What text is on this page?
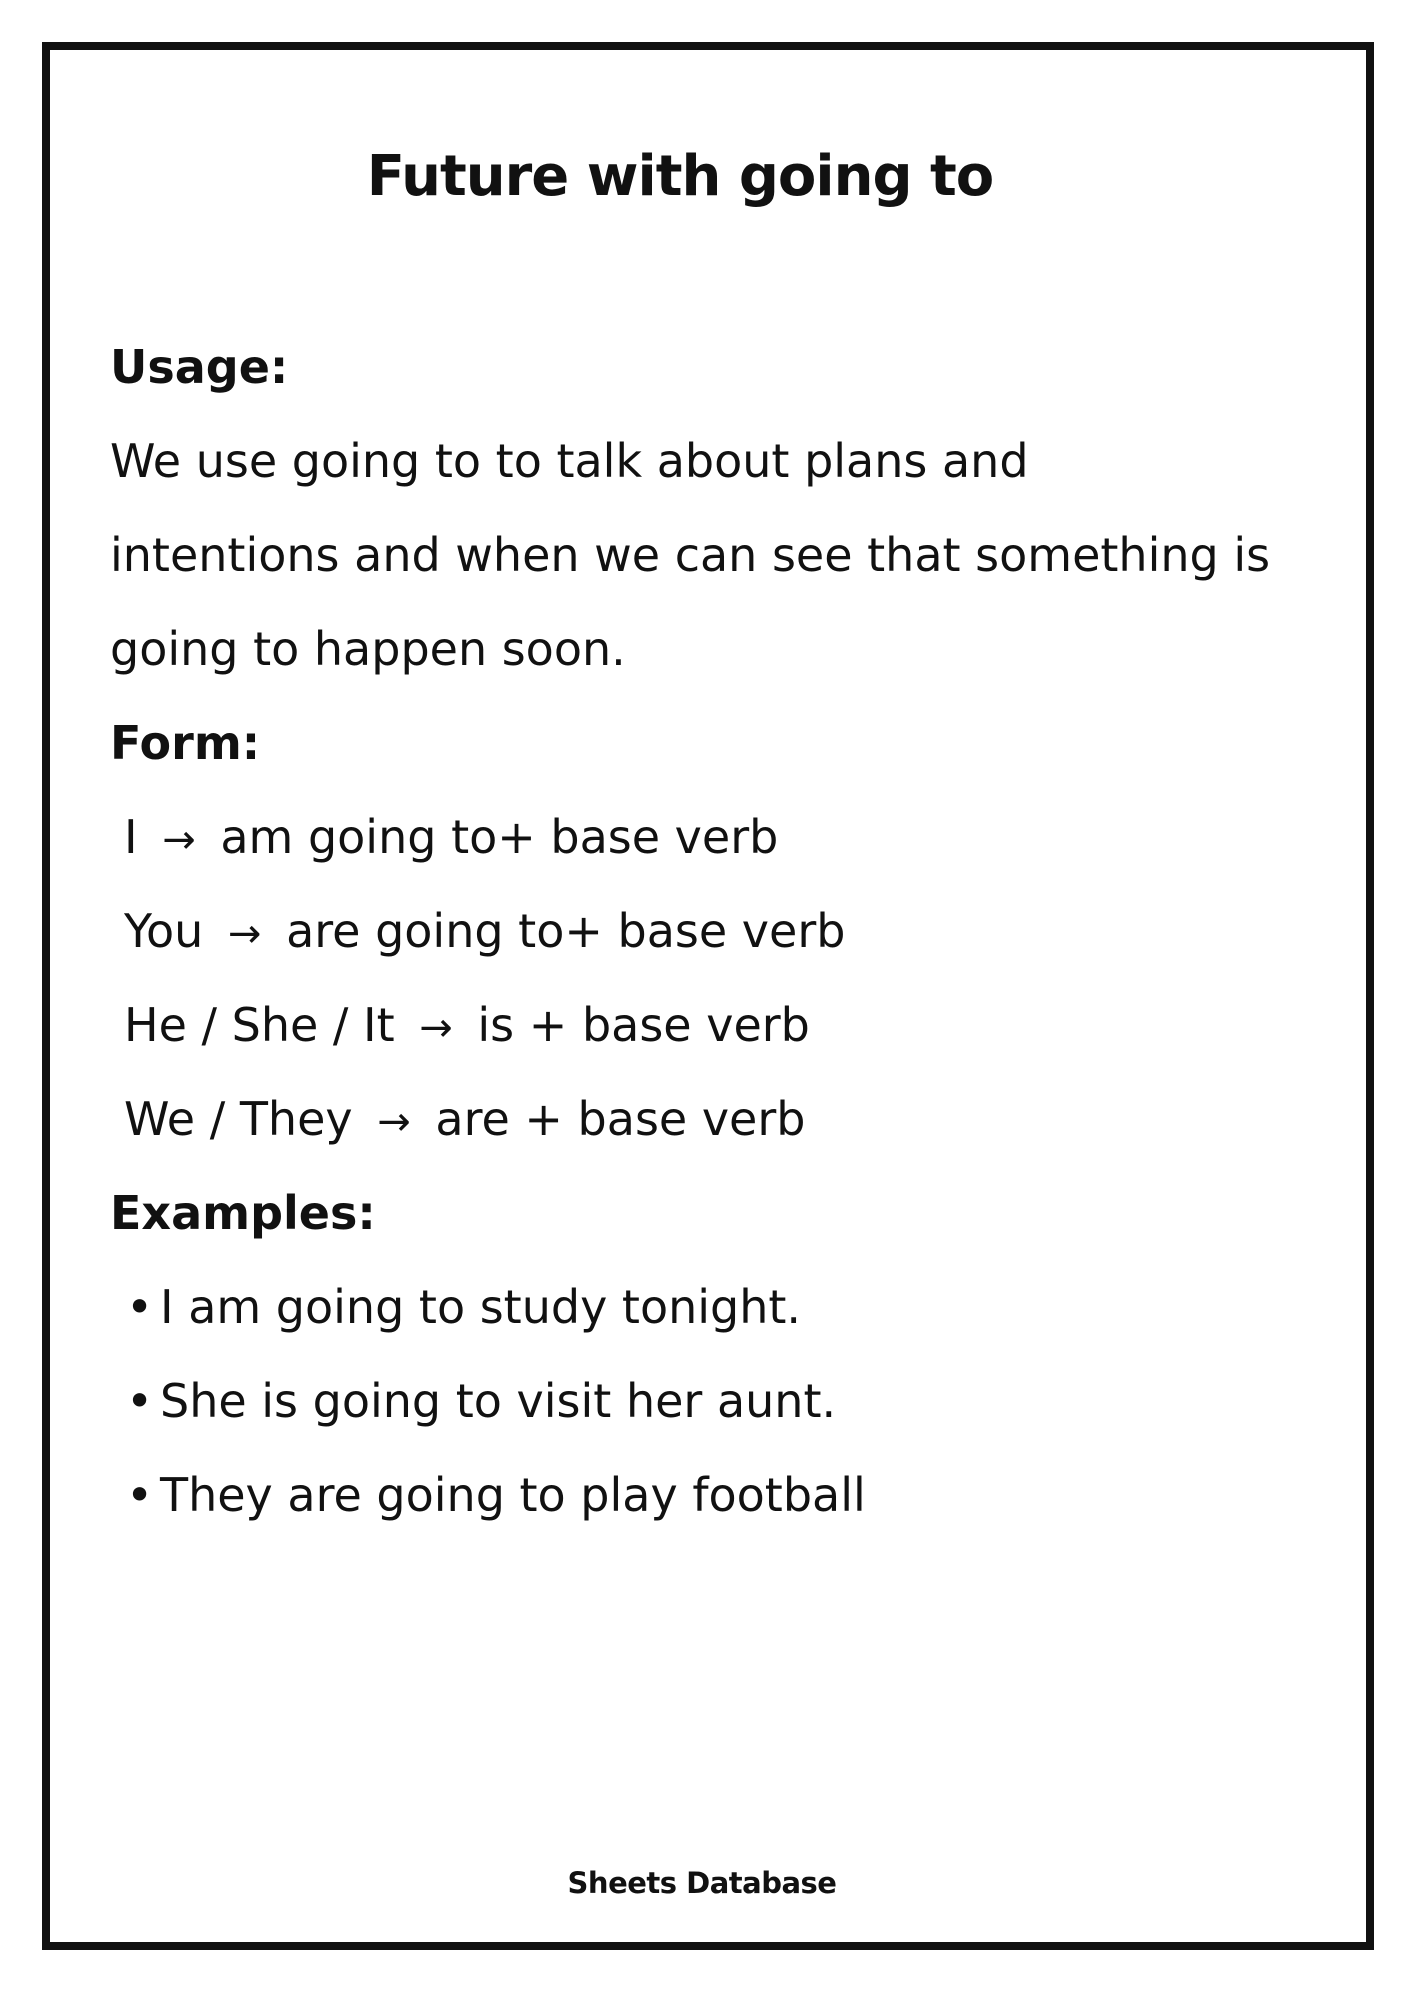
Future with going to
Usage:
We use going to to talk about plans and
intentions and when we can see that something is
going to happen soon.
Form:
I → am going to+ base verb
You → are going to+ base verb
He / She / It → is + base verb
We / They → are + base verb
Examples:
• I am going to study tonight.
• She is going to visit her aunt.
• They are going to play football
Sheets Database
